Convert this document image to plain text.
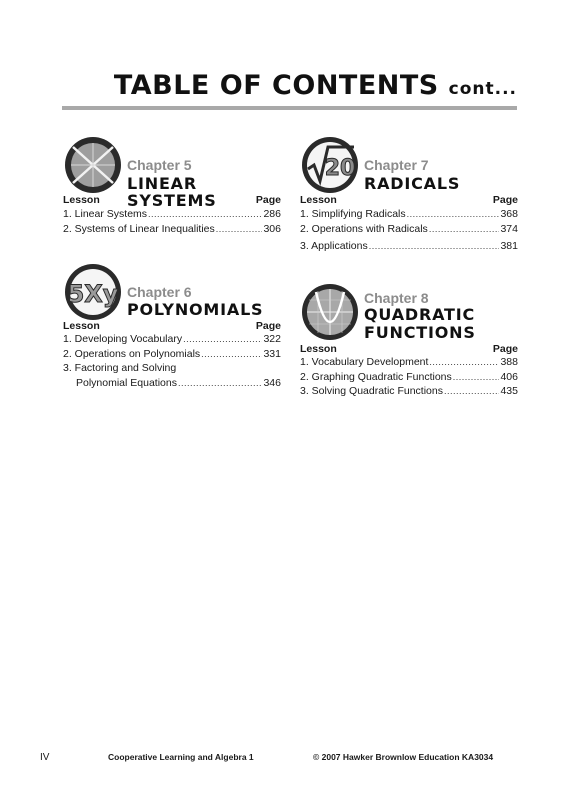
TABLE OF CONTENTS cont...
Chapter 5
LINEAR SYSTEMS
Lesson	Page
1. Linear Systems .....	286
2. Systems of Linear Inequalities .....	306
20 Chapter 7
RADICALS
Lesson	Page
1. Simplifying Radicals .....	368
2. Operations with Radicals .....	374
3. Applications .....	381
5Xy Chapter 6
POLYNOMIALS
Lesson	Page
1. Developing Vocabulary .....	322
2. Operations on Polynomials .....	331
3. Factoring and Solving
Polynomial Equations .....	346
Chapter 8
QUADRATIC
FUNCTIONS
Lesson	Page
1. Vocabulary Development .....	388
2. Graphing Quadratic Functions .....	406
3. Solving Quadratic Functions .....	435
IV	Cooperative Learning and Algebra 1	© 2007 Hawker Brownlow Education KA3034
